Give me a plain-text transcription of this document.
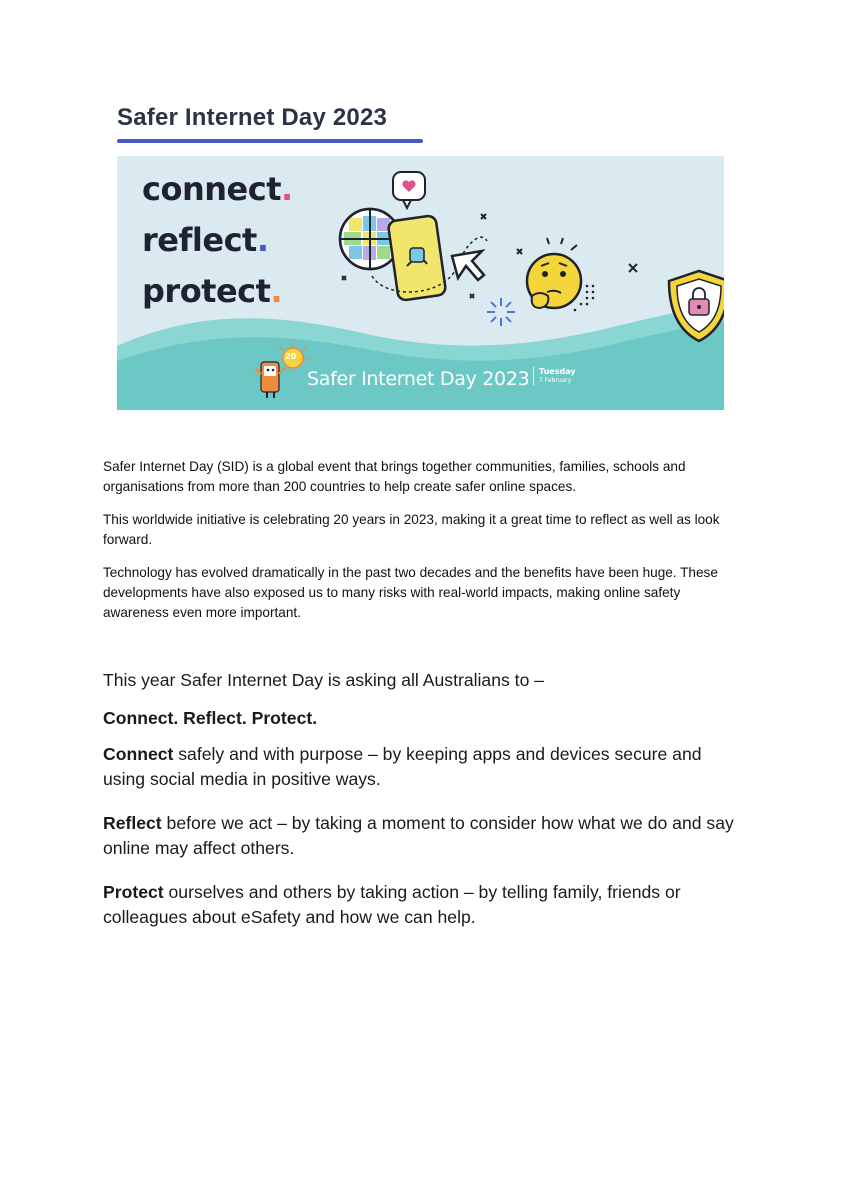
Safer Internet Day 2023
connect.
reflect.
protect.
20
Safer Internet Day 2023 Tuesday
7 February

Safer Internet Day (SID) is a global event that brings together communities, families, schools and organisations from more than 200 countries to help create safer online spaces.

This worldwide initiative is celebrating 20 years in 2023, making it a great time to reflect as well as look forward.

Technology has evolved dramatically in the past two decades and the benefits have been huge. These developments have also exposed us to many risks with real-world impacts, making online safety awareness even more important.

This year Safer Internet Day is asking all Australians to –

Connect. Reflect. Protect.

Connect safely and with purpose – by keeping apps and devices secure and using social media in positive ways.

Reflect before we act – by taking a moment to consider how what we do and say online may affect others.

Protect ourselves and others by taking action – by telling family, friends or colleagues about eSafety and how we can help.
